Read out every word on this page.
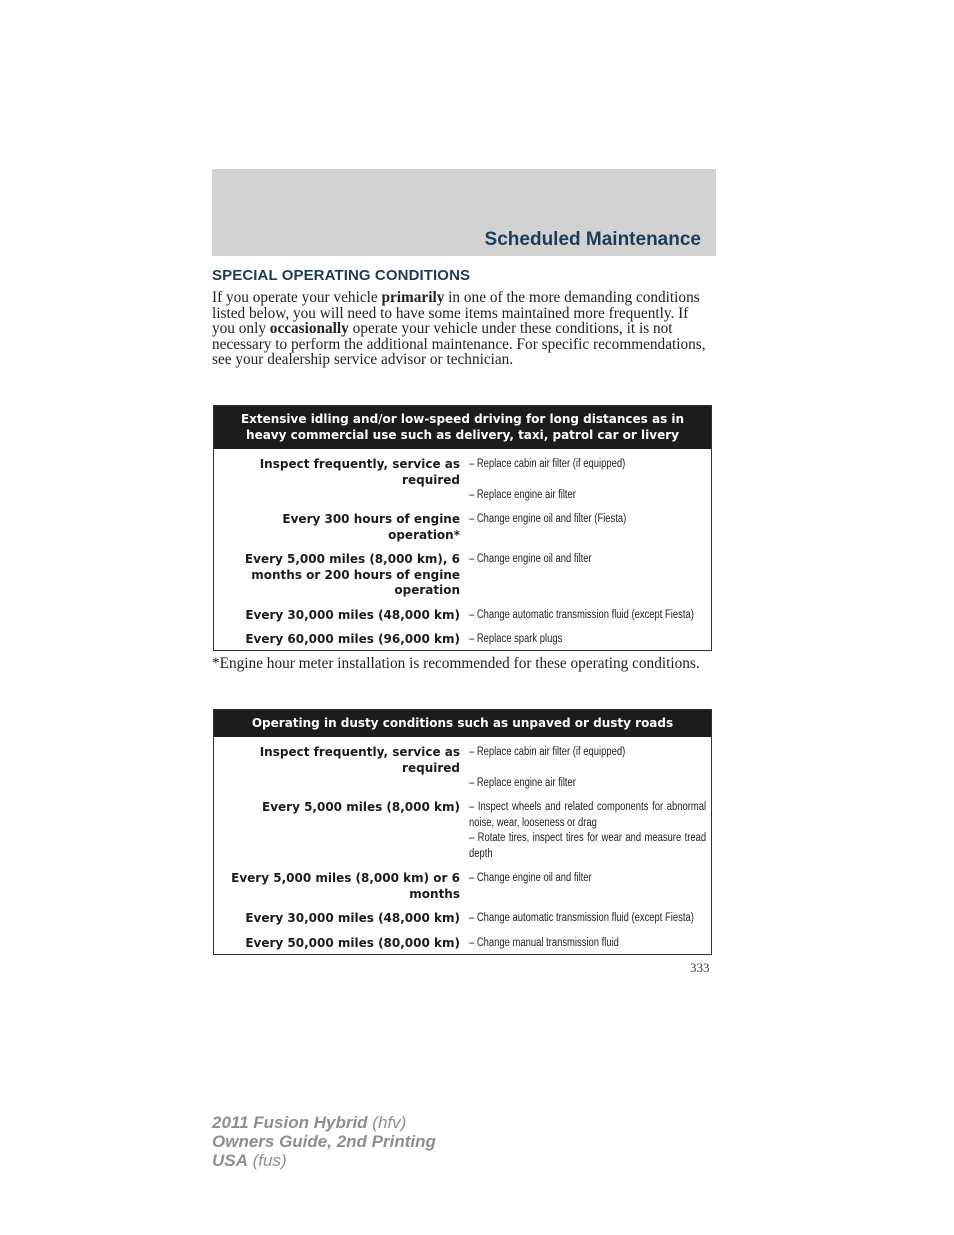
Scheduled Maintenance
SPECIAL OPERATING CONDITIONS
If you operate your vehicle primarily in one of the more demanding conditions listed below, you will need to have some items maintained more frequently. If you only occasionally operate your vehicle under these conditions, it is not necessary to perform the additional maintenance. For specific recommendations, see your dealership service advisor or technician.
Extensive idling and/or low-speed driving for long distances as in heavy commercial use such as delivery, taxi, patrol car or livery
Inspect frequently, service as required
– Replace cabin air filter (if equipped)
– Replace engine air filter
Every 300 hours of engine operation*
– Change engine oil and filter (Fiesta)
Every 5,000 miles (8,000 km), 6 months or 200 hours of engine operation
– Change engine oil and filter
Every 30,000 miles (48,000 km) – Change automatic transmission fluid (except Fiesta)
Every 60,000 miles (96,000 km) – Replace spark plugs
*Engine hour meter installation is recommended for these operating conditions.
Operating in dusty conditions such as unpaved or dusty roads
Inspect frequently, service as required
– Replace cabin air filter (if equipped)
– Replace engine air filter
Every 5,000 miles (8,000 km) – Inspect wheels and related components for abnormal noise, wear, looseness or drag
– Rotate tires, inspect tires for wear and measure tread depth
Every 5,000 miles (8,000 km) or 6 months
– Change engine oil and filter
Every 30,000 miles (48,000 km) – Change automatic transmission fluid (except Fiesta)
Every 50,000 miles (80,000 km) – Change manual transmission fluid
333
2011 Fusion Hybrid (hfv)
Owners Guide, 2nd Printing
USA (fus)
